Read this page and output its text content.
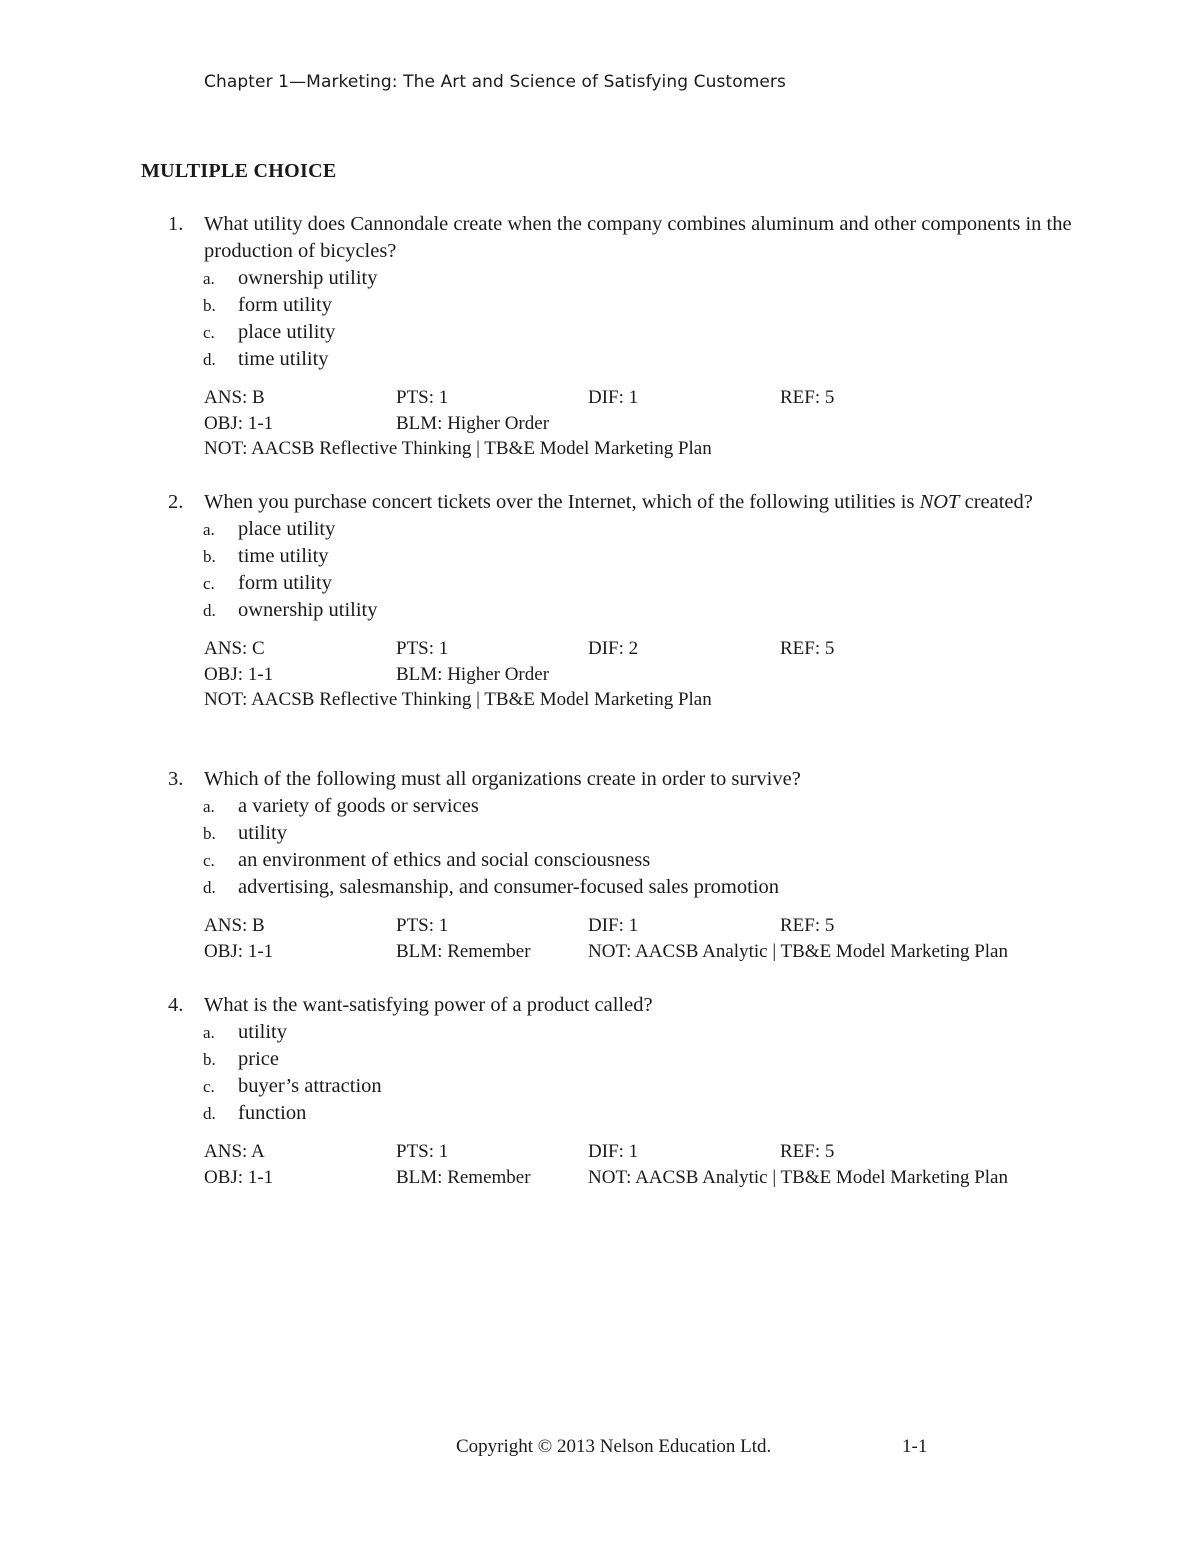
Chapter 1—Marketing: The Art and Science of Satisfying Customers
MULTIPLE CHOICE
1. What utility does Cannondale create when the company combines aluminum and other components in the production of bicycles?
a. ownership utility
b. form utility
c. place utility
d. time utility
ANS: B	PTS: 1	DIF: 1	REF: 5
OBJ: 1-1	BLM: Higher Order
NOT: AACSB Reflective Thinking | TB&E Model Marketing Plan
2. When you purchase concert tickets over the Internet, which of the following utilities is NOT created?
a. place utility
b. time utility
c. form utility
d. ownership utility
ANS: C	PTS: 1	DIF: 2	REF: 5
OBJ: 1-1	BLM: Higher Order
NOT: AACSB Reflective Thinking | TB&E Model Marketing Plan
3. Which of the following must all organizations create in order to survive?
a. a variety of goods or services
b. utility
c. an environment of ethics and social consciousness
d. advertising, salesmanship, and consumer-focused sales promotion
ANS: B	PTS: 1	DIF: 1	REF: 5
OBJ: 1-1	BLM: Remember	NOT: AACSB Analytic | TB&E Model Marketing Plan
4. What is the want-satisfying power of a product called?
a. utility
b. price
c. buyer’s attraction
d. function
ANS: A	PTS: 1	DIF: 1	REF: 5
OBJ: 1-1	BLM: Remember	NOT: AACSB Analytic | TB&E Model Marketing Plan
Copyright © 2013 Nelson Education Ltd.	1-1
